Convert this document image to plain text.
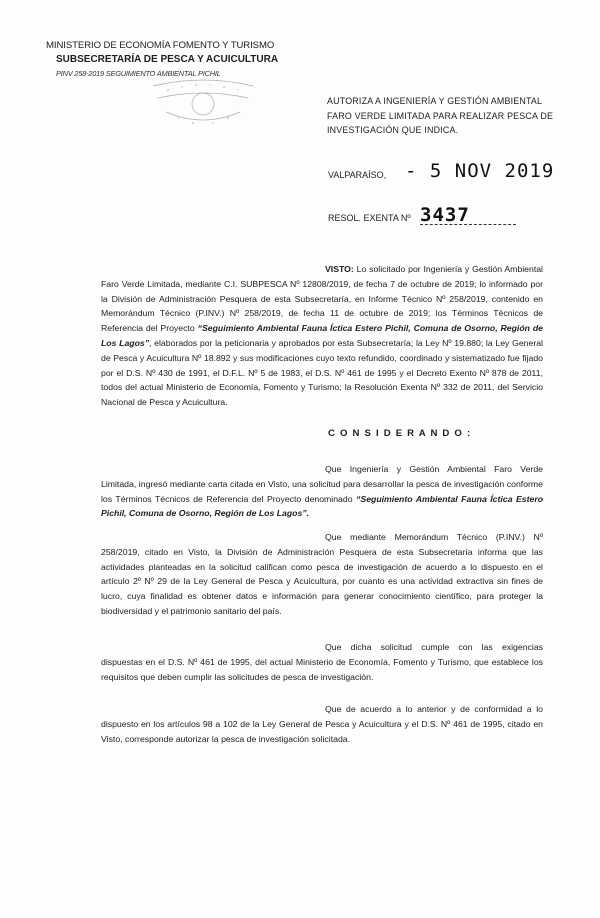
MINISTERIO DE ECONOMÍA FOMENTO Y TURISMO
SUBSECRETARÍA DE PESCA Y ACUICULTURA
PINV 258-2019 SEGUIMIENTO AMBIENTAL PICHIL
AUTORIZA A INGENIERÍA Y GESTIÓN AMBIENTAL FARO VERDE LIMITADA PARA REALIZAR PESCA DE INVESTIGACIÓN QUE INDICA.
VALPARAÍSO, - 5 NOV 2019
RESOL. EXENTA Nº 3437
VISTO: Lo solicitado por Ingeniería y Gestión Ambiental Faro Verde Limitada, mediante C.I. SUBPESCA Nº 12808/2019, de fecha 7 de octubre de 2019; lo informado por la División de Administración Pesquera de esta Subsecretaría, en Informe Técnico Nº 258/2019, contenido en Memorándum Técnico (P.INV.) Nº 258/2019, de fecha 11 de octubre de 2019; los Términos Técnicos de Referencia del Proyecto “Seguimiento Ambiental Fauna Íctica Estero Pichil, Comuna de Osorno, Región de Los Lagos”, elaborados por la peticionaria y aprobados por esta Subsecretaría; la Ley Nº 19.880; la Ley General de Pesca y Acuicultura Nº 18.892 y sus modificaciones cuyo texto refundido, coordinado y sistematizado fue fijado por el D.S. Nº 430 de 1991, el D.F.L. Nº 5 de 1983, el D.S. Nº 461 de 1995 y el Decreto Exento Nº 878 de 2011, todos del actual Ministerio de Economía, Fomento y Turismo; la Resolución Exenta Nº 332 de 2011, del Servicio Nacional de Pesca y Acuicultura.
C O N S I D E R A N D O :
Que Ingeniería y Gestión Ambiental Faro Verde Limitada, ingresó mediante carta citada en Visto, una solicitud para desarrollar la pesca de investigación conforme los Términos Técnicos de Referencia del Proyecto denominado “Seguimiento Ambiental Fauna Íctica Estero Pichil, Comuna de Osorno, Región de Los Lagos”.
Que mediante Memorándum Técnico (P.INV.) Nº 258/2019, citado en Visto, la División de Administración Pesquera de esta Subsecretaría informa que las actividades planteadas en la solicitud califican como pesca de investigación de acuerdo a lo dispuesto en el artículo 2º Nº 29 de la Ley General de Pesca y Acuicultura, por cuanto es una actividad extractiva sin fines de lucro, cuya finalidad es obtener datos e información para generar conocimiento científico, para proteger la biodiversidad y el patrimonio sanitario del país.
Que dicha solicitud cumple con las exigencias dispuestas en el D.S. Nº 461 de 1995, del actual Ministerio de Economía, Fomento y Turismo, que establece los requisitos que deben cumplir las solicitudes de pesca de investigación.
Que de acuerdo a lo anterior y de conformidad a lo dispuesto en los artículos 98 a 102 de la Ley General de Pesca y Acuicultura y el D.S. Nº 461 de 1995, citado en Visto, corresponde autorizar la pesca de investigación solicitada.
